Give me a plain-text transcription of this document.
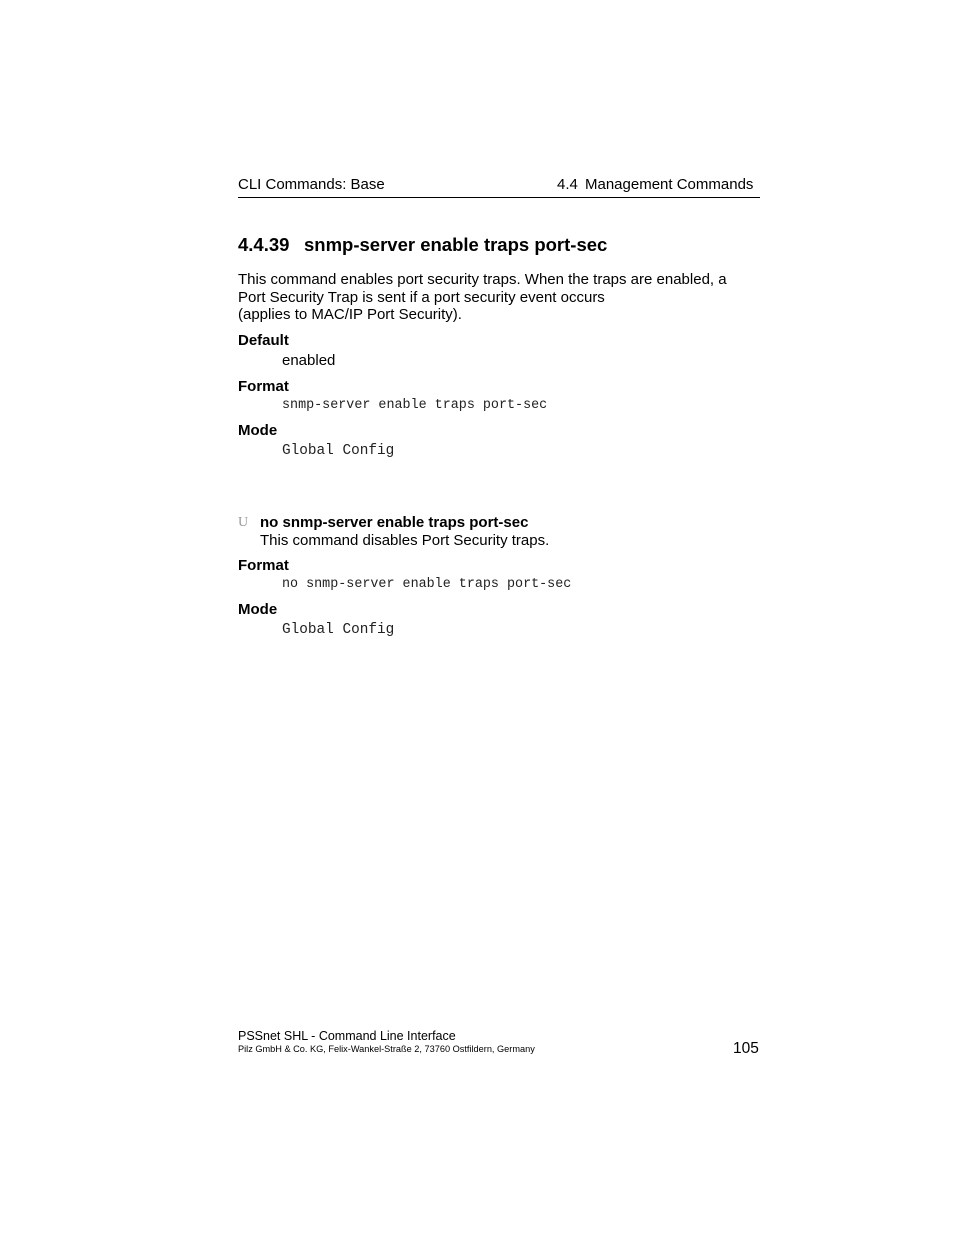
CLI Commands: Base	4.4 Management Commands
4.4.39 snmp-server enable traps port-sec
This command enables port security traps. When the traps are enabled, a
Port Security Trap is sent if a port security event occurs
(applies to MAC/IP Port Security).
Default
enabled
Format
snmp-server enable traps port-sec
Mode
Global Config
U no snmp-server enable traps port-sec
This command disables Port Security traps.
Format
no snmp-server enable traps port-sec
Mode
Global Config
PSSnet SHL - Command Line Interface
Pilz GmbH & Co. KG, Felix-Wankel-Straße 2, 73760 Ostfildern, Germany	105
